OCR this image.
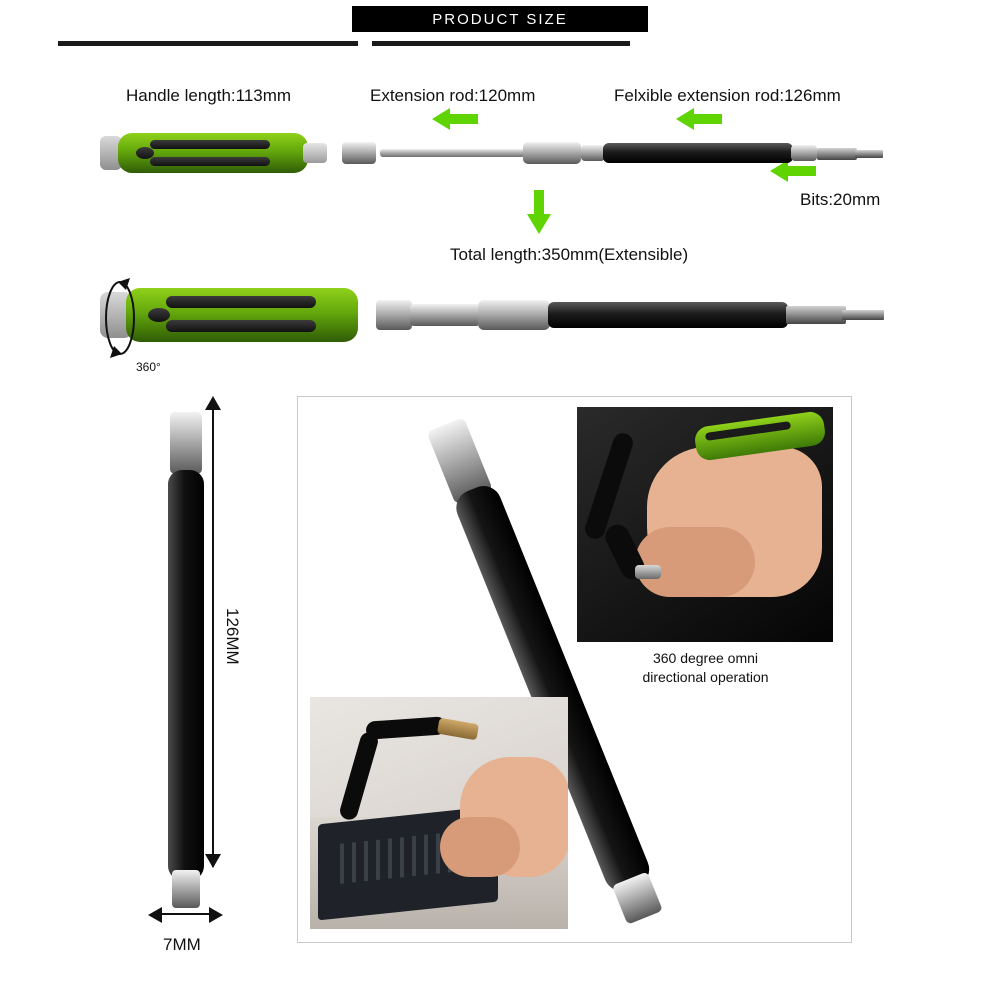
PRODUCT SIZE
Handle length:113mm	Extension rod:120mm	Felxible extension rod:126mm
Bits:20mm
Total length:350mm(Extensible)
360°
126MM
7MM
360 degree omni
directional operation
